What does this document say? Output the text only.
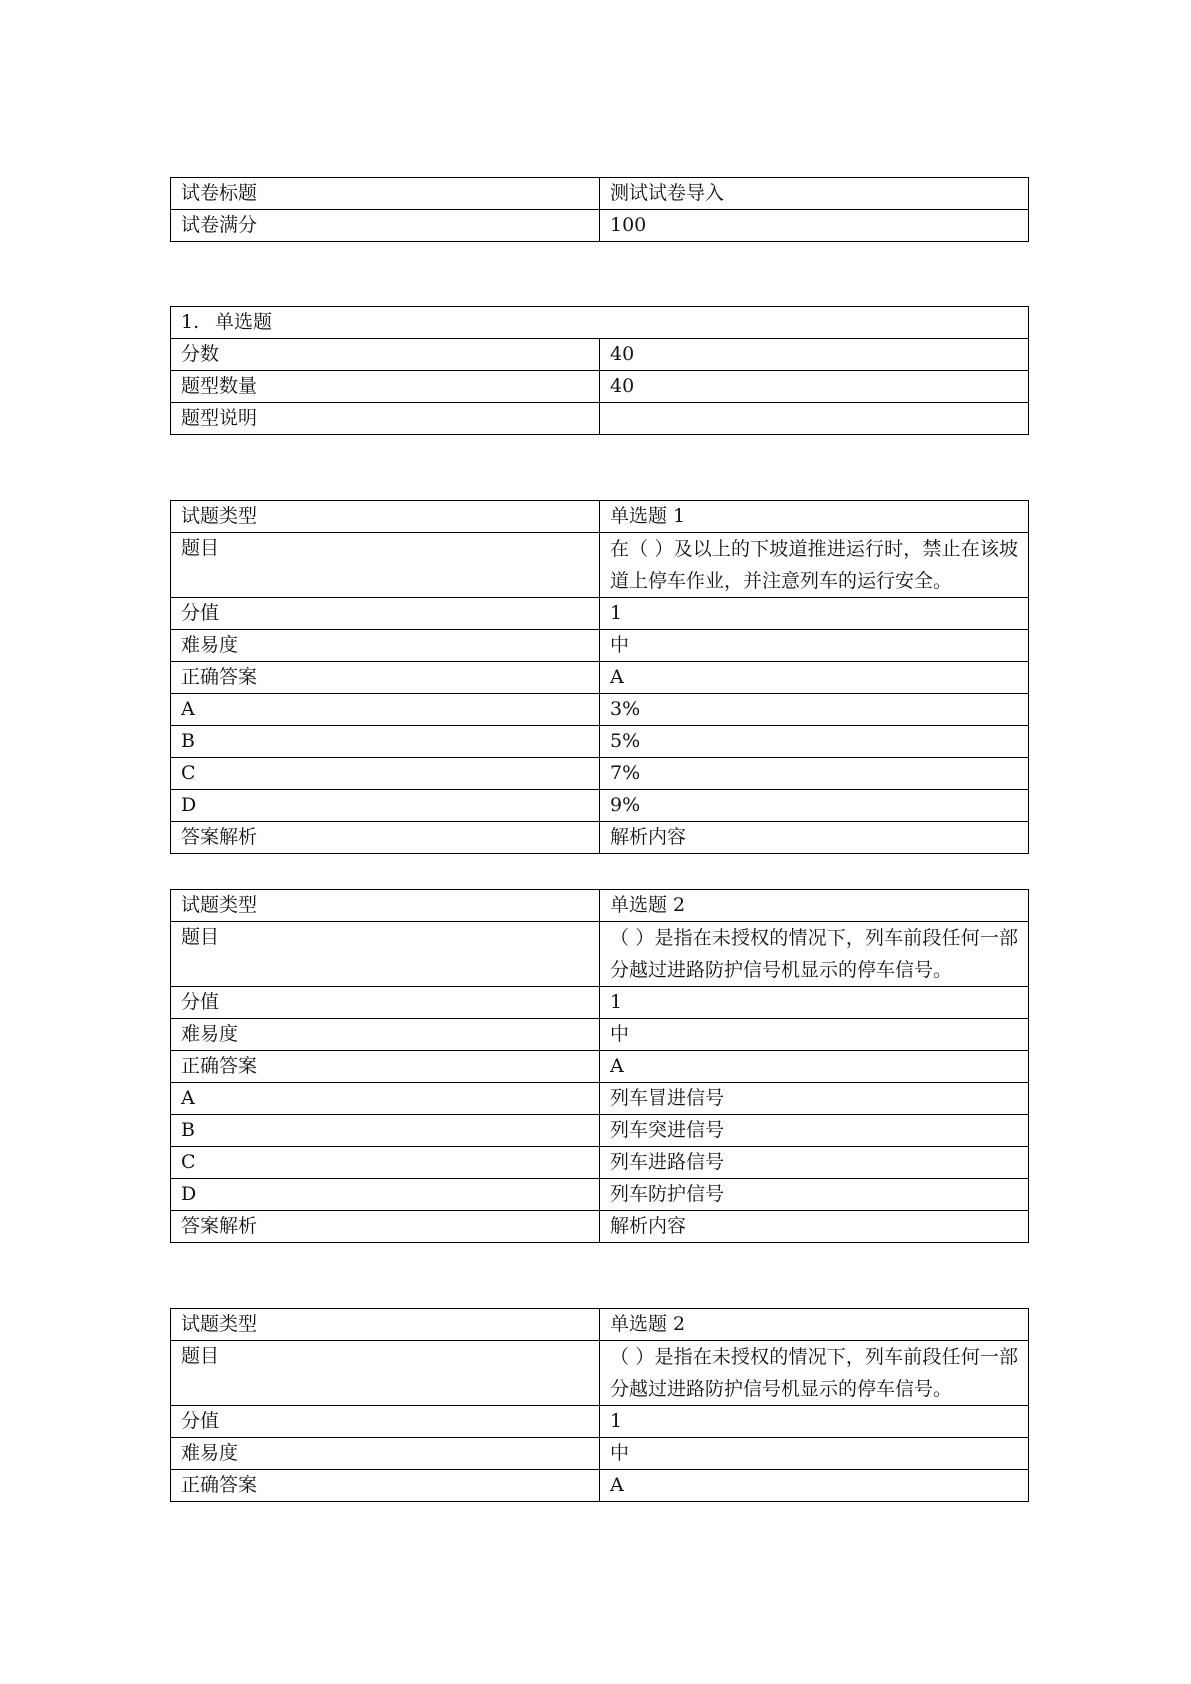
试卷标题	测试试卷导入
试卷满分	100
1. 单选题	
分数	40
题型数量	40
题型说明	
试题类型	单选题 1
题目	在（ ）及以上的下坡道推进运行时，禁止在该坡道上停车作业，并注意列车的运行安全。
分值	1
难易度	中
正确答案	A
A	3%
B	5%
C	7%
D	9%
答案解析	解析内容
试题类型	单选题 2
题目	（ ）是指在未授权的情况下，列车前段任何一部分越过进路防护信号机显示的停车信号。
分值	1
难易度	中
正确答案	A
A	列车冒进信号
B	列车突进信号
C	列车进路信号
D	列车防护信号
答案解析	解析内容
试题类型	单选题 2
题目	（ ）是指在未授权的情况下，列车前段任何一部分越过进路防护信号机显示的停车信号。
分值	1
难易度	中
正确答案	A
